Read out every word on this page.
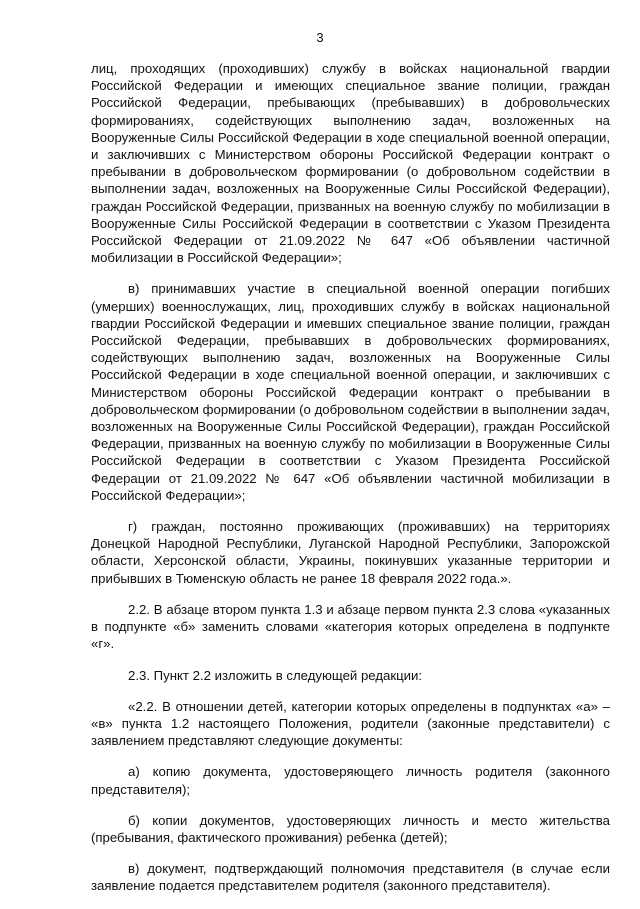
3

лиц, проходящих (проходивших) службу в войсках национальной гвардии Российской Федерации и имеющих специальное звание полиции, граждан Российской Федерации, пребывающих (пребывавших) в добровольческих формированиях, содействующих выполнению задач, возложенных на Вооруженные Силы Российской Федерации в ходе специальной военной операции, и заключивших с Министерством обороны Российской Федерации контракт о пребывании в добровольческом формировании (о добровольном содействии в выполнении задач, возложенных на Вооруженные Силы Российской Федерации), граждан Российской Федерации, призванных на военную службу по мобилизации в Вооруженные Силы Российской Федерации в соответствии с Указом Президента Российской Федерации от 21.09.2022 № 647 «Об объявлении частичной мобилизации в Российской Федерации»;

в) принимавших участие в специальной военной операции погибших (умерших) военнослужащих, лиц, проходивших службу в войсках национальной гвардии Российской Федерации и имевших специальное звание полиции, граждан Российской Федерации, пребывавших в добровольческих формированиях, содействующих выполнению задач, возложенных на Вооруженные Силы Российской Федерации в ходе специальной военной операции, и заключивших с Министерством обороны Российской Федерации контракт о пребывании в добровольческом формировании (о добровольном содействии в выполнении задач, возложенных на Вооруженные Силы Российской Федерации), граждан Российской Федерации, призванных на военную службу по мобилизации в Вооруженные Силы Российской Федерации в соответствии с Указом Президента Российской Федерации от 21.09.2022 № 647 «Об объявлении частичной мобилизации в Российской Федерации»;

г) граждан, постоянно проживающих (проживавших) на территориях Донецкой Народной Республики, Луганской Народной Республики, Запорожской области, Херсонской области, Украины, покинувших указанные территории и прибывших в Тюменскую область не ранее 18 февраля 2022 года.».

2.2. В абзаце втором пункта 1.3 и абзаце первом пункта 2.3 слова «указанных в подпункте «б» заменить словами «категория которых определена в подпункте «г».

2.3. Пункт 2.2 изложить в следующей редакции:

«2.2. В отношении детей, категории которых определены в подпунктах «а» – «в» пункта 1.2 настоящего Положения, родители (законные представители) с заявлением представляют следующие документы:

а) копию документа, удостоверяющего личность родителя (законного представителя);

б) копии документов, удостоверяющих личность и место жительства (пребывания, фактического проживания) ребенка (детей);

в) документ, подтверждающий полномочия представителя (в случае если заявление подается представителем родителя (законного представителя).
